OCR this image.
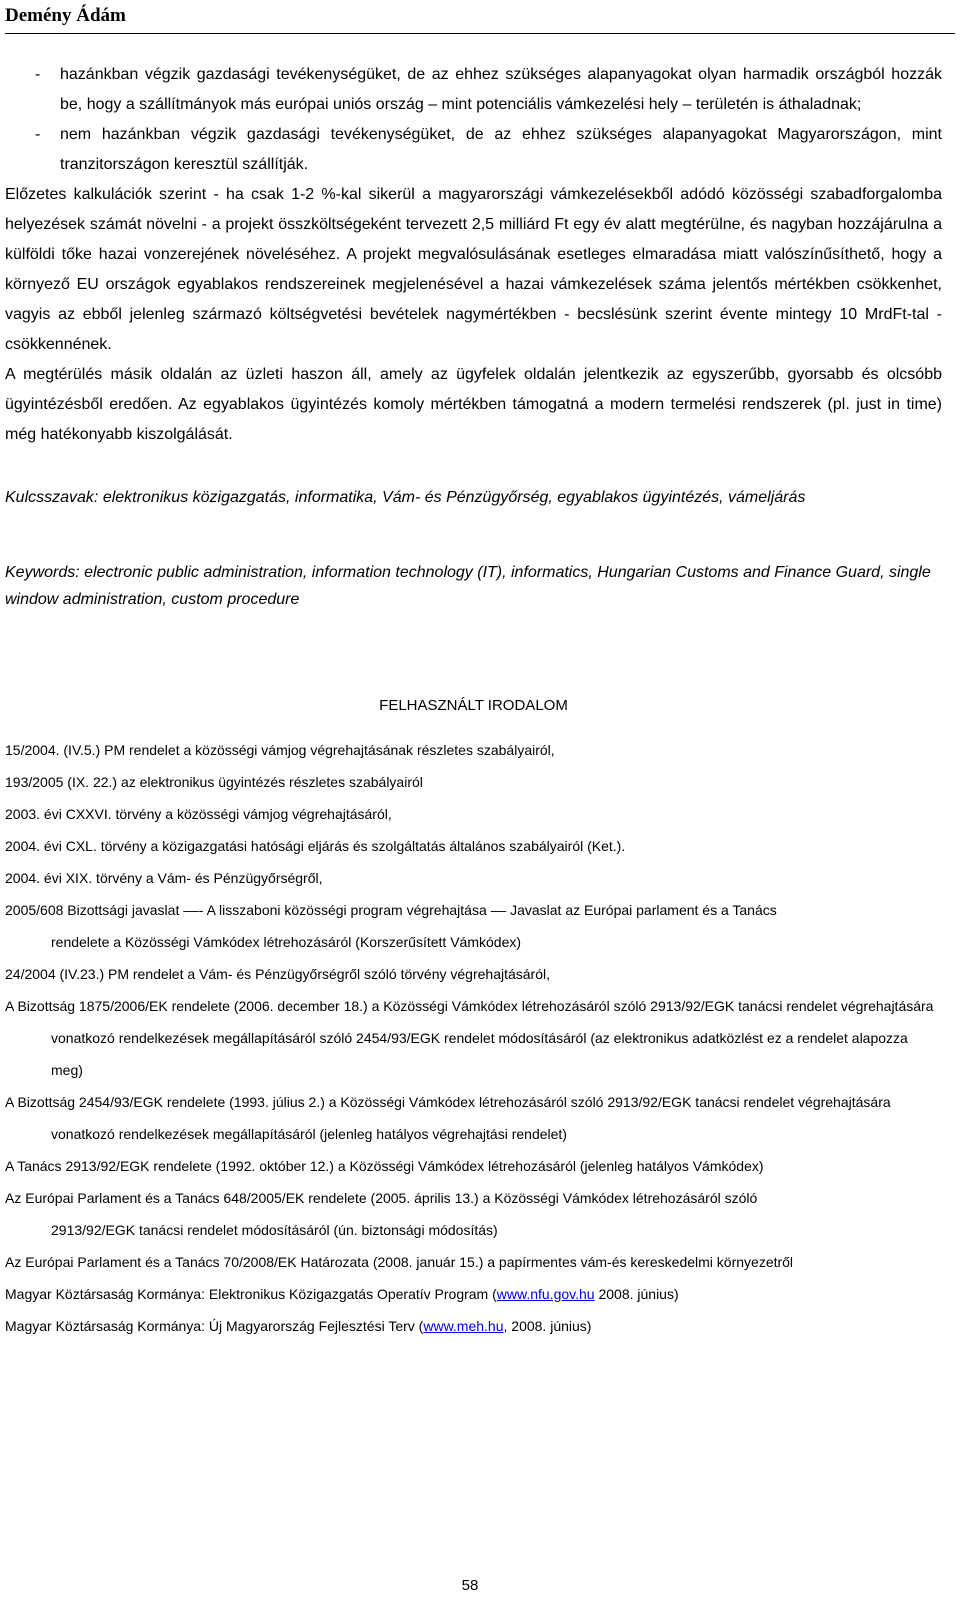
Demény Ádám
- hazánkban végzik gazdasági tevékenységüket, de az ehhez szükséges alapanyagokat olyan harmadik országból hozzák be, hogy a szállítmányok más európai uniós ország – mint potenciális vámkezelési hely – területén is áthaladnak;
- nem hazánkban végzik gazdasági tevékenységüket, de az ehhez szükséges alapanyagokat Magyarországon, mint tranzitországon keresztül szállítják.

Előzetes kalkulációk szerint - ha csak 1-2 %-kal sikerül a magyarországi vámkezelésekből adódó közösségi szabadforgalomba helyezések számát növelni - a projekt összköltségeként tervezett 2,5 milliárd Ft egy év alatt megtérülne, és nagyban hozzájárulna a külföldi tőke hazai vonzerejének növeléséhez. A projekt megvalósulásának esetleges elmaradása miatt valószínűsíthető, hogy a környező EU országok egyablakos rendszereinek megjelenésével a hazai vámkezelések száma jelentős mértékben csökkenhet, vagyis az ebből jelenleg származó költségvetési bevételek nagymértékben - becslésünk szerint évente mintegy 10 MrdFt-tal - csökkennének.

A megtérülés másik oldalán az üzleti haszon áll, amely az ügyfelek oldalán jelentkezik az egyszerűbb, gyorsabb és olcsóbb ügyintézésből eredően. Az egyablakos ügyintézés komoly mértékben támogatná a modern termelési rendszerek (pl. just in time) még hatékonyabb kiszolgálását.

Kulcsszavak: elektronikus közigazgatás, informatika, Vám- és Pénzügyőrség, egyablakos ügyintézés, vámeljárás

Keywords: electronic public administration, information technology (IT), informatics, Hungarian Customs and Finance Guard, single window administration, custom procedure

FELHASZNÁLT IRODALOM

15/2004. (IV.5.) PM rendelet a közösségi vámjog végrehajtásának részletes szabályairól,

193/2005 (IX. 22.) az elektronikus ügyintézés részletes szabályairól

2003. évi CXXVI. törvény a közösségi vámjog végrehajtásáról,

2004. évi CXL. törvény a közigazgatási hatósági eljárás és szolgáltatás általános szabályairól (Ket.).

2004. évi XIX. törvény a Vám- és Pénzügyőrségről,

2005/608 Bizottsági javaslat ––- A lisszaboni közösségi program végrehajtása –– Javaslat az Európai parlament és a Tanács
rendelete a Közösségi Vámkódex létrehozásáról (Korszerűsített Vámkódex)

24/2004 (IV.23.) PM rendelet a Vám- és Pénzügyőrségről szóló törvény végrehajtásáról,

A Bizottság 1875/2006/EK rendelete (2006. december 18.) a Közösségi Vámkódex létrehozásáról szóló 2913/92/EGK tanácsi rendelet végrehajtására vonatkozó rendelkezések megállapításáról szóló 2454/93/EGK rendelet módosításáról (az elektronikus adatközlést ez a rendelet alapozza meg)

A Bizottság 2454/93/EGK rendelete (1993. július 2.) a Közösségi Vámkódex létrehozásáról szóló 2913/92/EGK tanácsi rendelet végrehajtására vonatkozó rendelkezések megállapításáról (jelenleg hatályos végrehajtási rendelet)

A Tanács 2913/92/EGK rendelete (1992. október 12.) a Közösségi Vámkódex létrehozásáról (jelenleg hatályos Vámkódex)

Az Európai Parlament és a Tanács 648/2005/EK rendelete (2005. április 13.) a Közösségi Vámkódex létrehozásáról szóló
2913/92/EGK tanácsi rendelet módosításáról (ún. biztonsági módosítás)

Az Európai Parlament és a Tanács 70/2008/EK Határozata (2008. január 15.) a papírmentes vám-és kereskedelmi környezetről

Magyar Köztársaság Kormánya: Elektronikus Közigazgatás Operatív Program (www.nfu.gov.hu 2008. június)

Magyar Köztársaság Kormánya: Új Magyarország Fejlesztési Terv (www.meh.hu, 2008. június)

58
